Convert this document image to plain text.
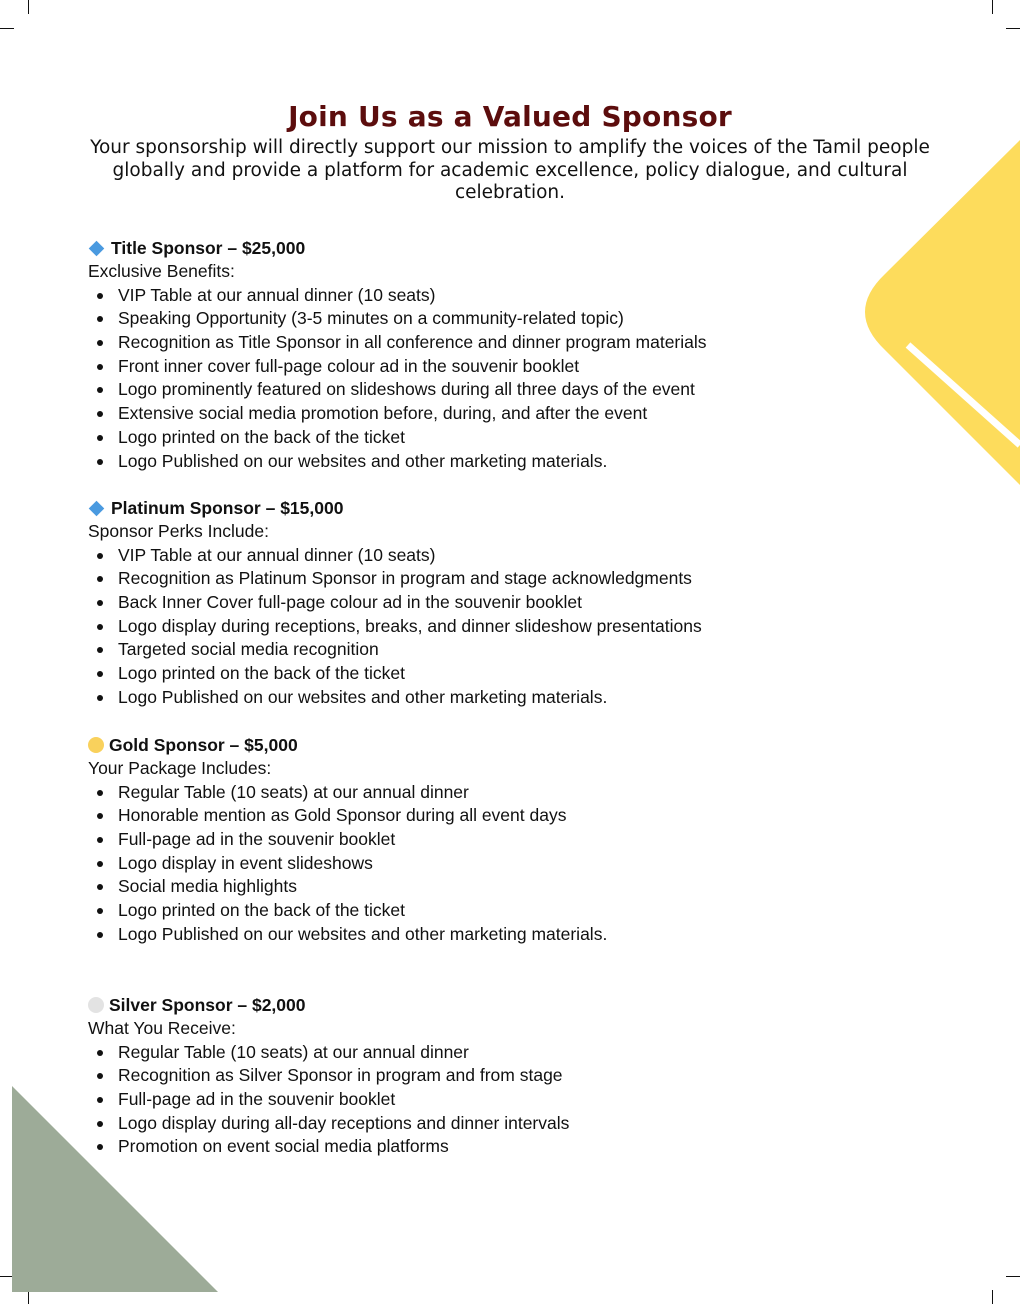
Join Us as a Valued Sponsor
Your sponsorship will directly support our mission to amplify the voices of the Tamil people globally and provide a platform for academic excellence, policy dialogue, and cultural celebration.
Title Sponsor – $25,000
Exclusive Benefits:
VIP Table at our annual dinner (10 seats)
Speaking Opportunity (3-5 minutes on a community-related topic)
Recognition as Title Sponsor in all conference and dinner program materials
Front inner cover full-page colour ad in the souvenir booklet
Logo prominently featured on slideshows during all three days of the event
Extensive social media promotion before, during, and after the event
Logo printed on the back of the ticket
Logo Published on our websites and other marketing materials.
Platinum Sponsor – $15,000
Sponsor Perks Include:
VIP Table at our annual dinner (10 seats)
Recognition as Platinum Sponsor in program and stage acknowledgments
Back Inner Cover full-page colour ad in the souvenir booklet
Logo display during receptions, breaks, and dinner slideshow presentations
Targeted social media recognition
Logo printed on the back of the ticket
Logo Published on our websites and other marketing materials.
Gold Sponsor – $5,000
Your Package Includes:
Regular Table (10 seats) at our annual dinner
Honorable mention as Gold Sponsor during all event days
Full-page ad in the souvenir booklet
Logo display in event slideshows
Social media highlights
Logo printed on the back of the ticket
Logo Published on our websites and other marketing materials.
Silver Sponsor – $2,000
What You Receive:
Regular Table (10 seats) at our annual dinner
Recognition as Silver Sponsor in program and from stage
Full-page ad in the souvenir booklet
Logo display during all-day receptions and dinner intervals
Promotion on event social media platforms
